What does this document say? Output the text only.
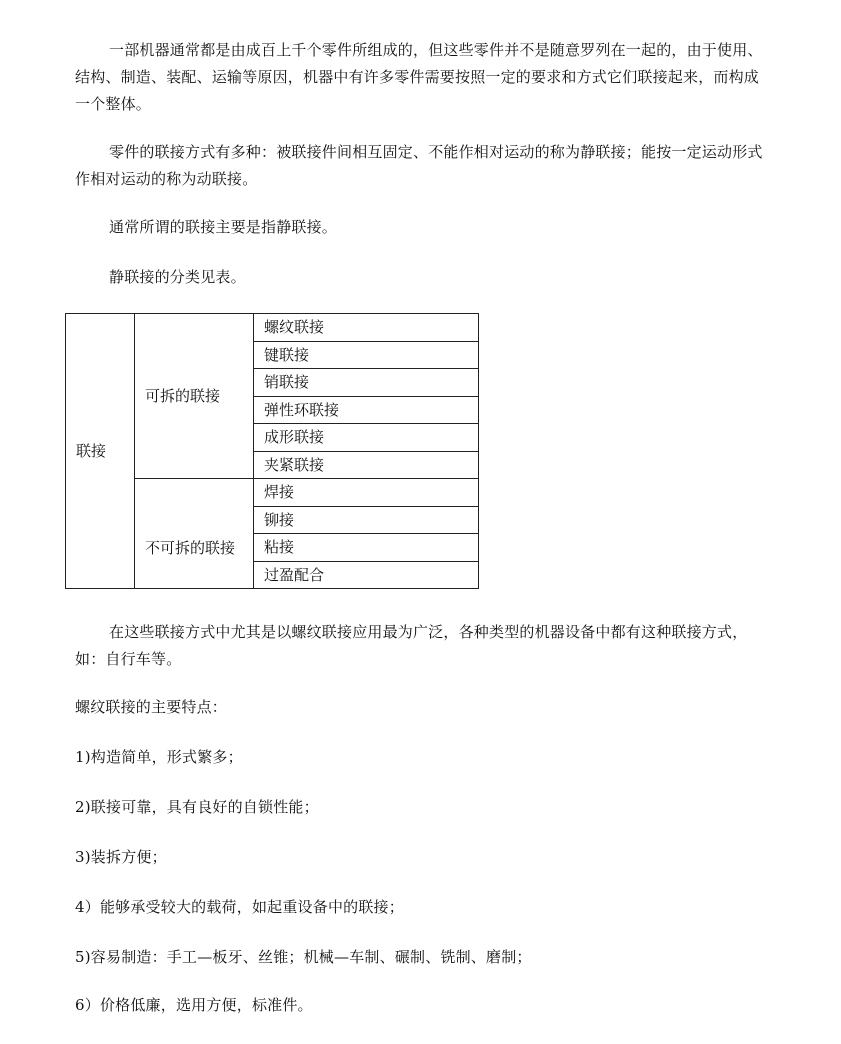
一部机器通常都是由成百上千个零件所组成的，但这些零件并不是随意罗列在一起的，由于使用、结构、制造、装配、运输等原因，机器中有许多零件需要按照一定的要求和方式它们联接起来，而构成一个整体。

零件的联接方式有多种：被联接件间相互固定、不能作相对运动的称为静联接；能按一定运动形式作相对运动的称为动联接。

通常所谓的联接主要是指静联接。

静联接的分类见表。

联接	可拆的联接	螺纹联接
		键联接
		销联接
		弹性环联接
		成形联接
		夹紧联接
	不可拆的联接	焊接
		铆接
		粘接
		过盈配合

在这些联接方式中尤其是以螺纹联接应用最为广泛，各种类型的机器设备中都有这种联接方式，如：自行车等。

螺纹联接的主要特点：

1)构造简单，形式繁多；

2)联接可靠，具有良好的自锁性能；

3)装拆方便；

4）能够承受较大的载荷，如起重设备中的联接；

5)容易制造：手工—板牙、丝锥；机械—车制、碾制、铣制、磨制；

6）价格低廉，选用方便，标准件。
